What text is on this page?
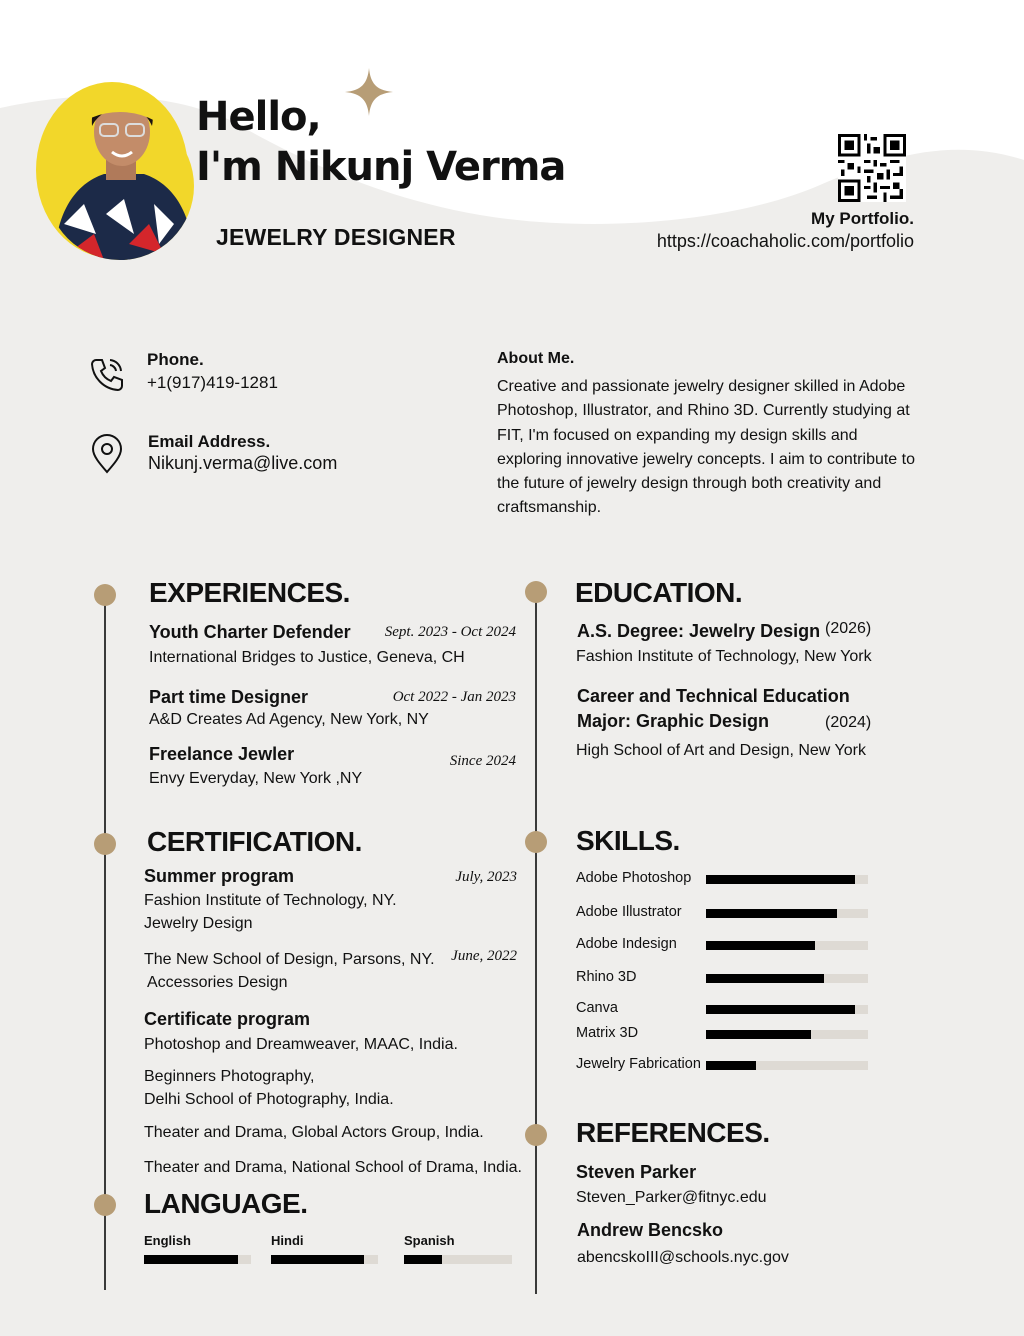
Hello,
I'm Nikunj Verma
JEWELRY DESIGNER
My Portfolio.
https://coachaholic.com/portfolio
Phone.
+1(917)419-1281
Email Address.
Nikunj.verma@live.com
About Me.
Creative and passionate jewelry designer skilled in Adobe Photoshop, Illustrator, and Rhino 3D. Currently studying at FIT, I'm focused on expanding my design skills and exploring innovative jewelry concepts. I aim to contribute to the future of jewelry design through both creativity and craftsmanship.
EXPERIENCES.
Youth Charter Defender Sept. 2023 - Oct 2024
International Bridges to Justice, Geneva, CH
Part time Designer	Oct 2022 - Jan 2023
A&D Creates Ad Agency, New York, NY
Freelance Jewler	Since 2024
Envy Everyday, New York ,NY
EDUCATION.
A.S. Degree: Jewelry Design (2026)
Fashion Institute of Technology, New York
Career and Technical Education
Major: Graphic Design	(2024)
High School of Art and Design, New York
CERTIFICATION.
Summer program	July, 2023
Fashion Institute of Technology, NY.
Jewelry Design
June, 2022
The New School of Design, Parsons, NY.
Accessories Design
Certificate program
Photoshop and Dreamweaver, MAAC, India.
Beginners Photography,
Delhi School of Photography, India.
Theater and Drama, Global Actors Group, India.
Theater and Drama, National School of Drama, India.
SKILLS.
Adobe Photoshop
Adobe Illustrator
Adobe Indesign
Rhino 3D
Canva
Matrix 3D
Jewelry Fabrication
REFERENCES.
Steven Parker
Steven_Parker@fitnyc.edu
Andrew Bencsko
abencskoIII@schools.nyc.gov
LANGUAGE.
English	Hindi	Spanish
